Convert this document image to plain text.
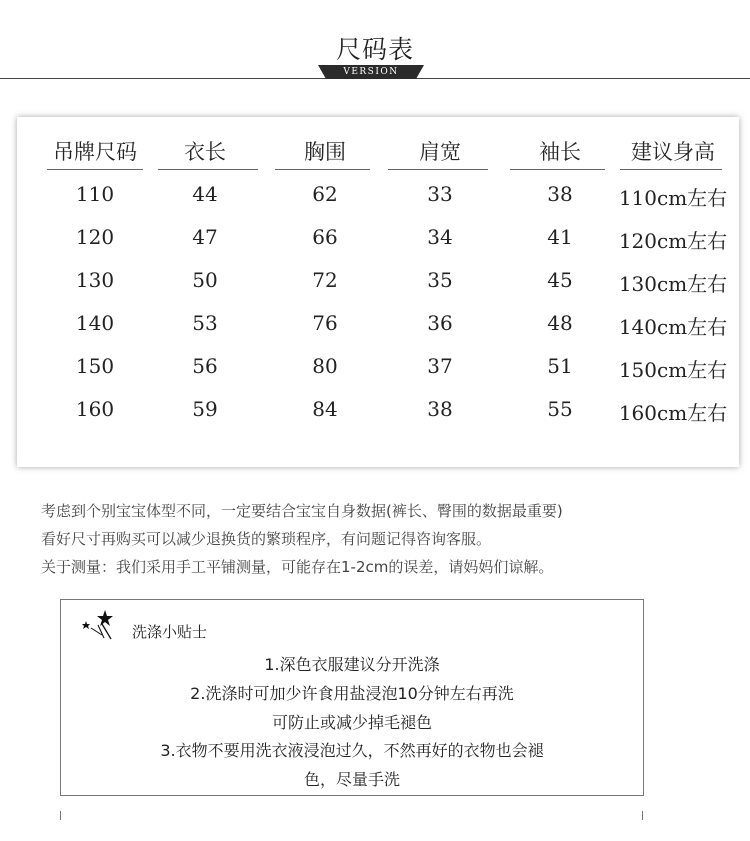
尺码表
VERSION
吊牌尺码	衣长	胸围	肩宽	袖长	建议身高
110	44	62	33	38	110cm左右
120	47	66	34	41	120cm左右
130	50	72	35	45	130cm左右
140	53	76	36	48	140cm左右
150	56	80	37	51	150cm左右
160	59	84	38	55	160cm左右
考虑到个别宝宝体型不同，一定要结合宝宝自身数据(裤长、臀围的数据最重要)
看好尺寸再购买可以减少退换货的繁琐程序，有问题记得咨询客服。
关于测量：我们采用手工平铺测量，可能存在1-2cm的误差，请妈妈们谅解。
洗涤小贴士
1.深色衣服建议分开洗涤
2.洗涤时可加少许食用盐浸泡10分钟左右再洗
可防止或减少掉毛褪色
3.衣物不要用洗衣液浸泡过久，不然再好的衣物也会褪
色，尽量手洗
